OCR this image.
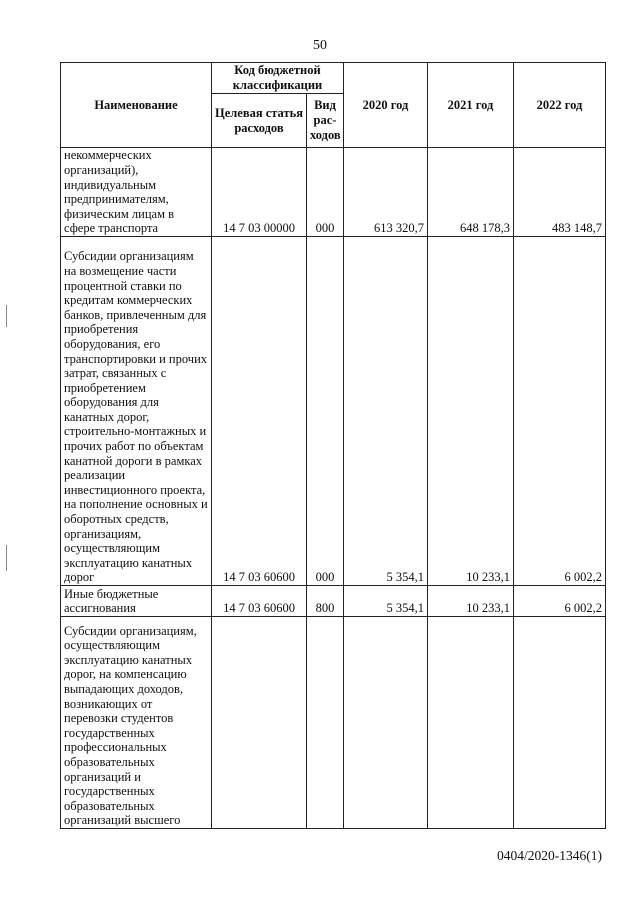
50
Наименование	Код бюджетной классификации		2020 год	2021 год	2022 год
	Целевая статья расходов	Вид рас-ходов			
некоммерческих организаций), индивидуальным предпринимателям, физическим лицам в сфере транспорта	14 7 03 00000	000	613 320,7	648 178,3	483 148,7
Субсидии организациям на возмещение части процентной ставки по кредитам коммерческих банков, привлеченным для приобретения оборудования, его транспортировки и прочих затрат, связанных с приобретением оборудования для канатных дорог, строительно-монтажных и прочих работ по объектам канатной дороги в рамках реализации инвестиционного проекта, на пополнение основных и оборотных средств, организациям, осуществляющим эксплуатацию канатных дорог	14 7 03 60600	000	5 354,1	10 233,1	6 002,2
Иные бюджетные ассигнования	14 7 03 60600	800	5 354,1	10 233,1	6 002,2
Субсидии организациям, осуществляющим эксплуатацию канатных дорог, на компенсацию выпадающих доходов, возникающих от перевозки студентов государственных профессиональных образовательных организаций и государственных образовательных организаций высшего					
0404/2020-1346(1)
